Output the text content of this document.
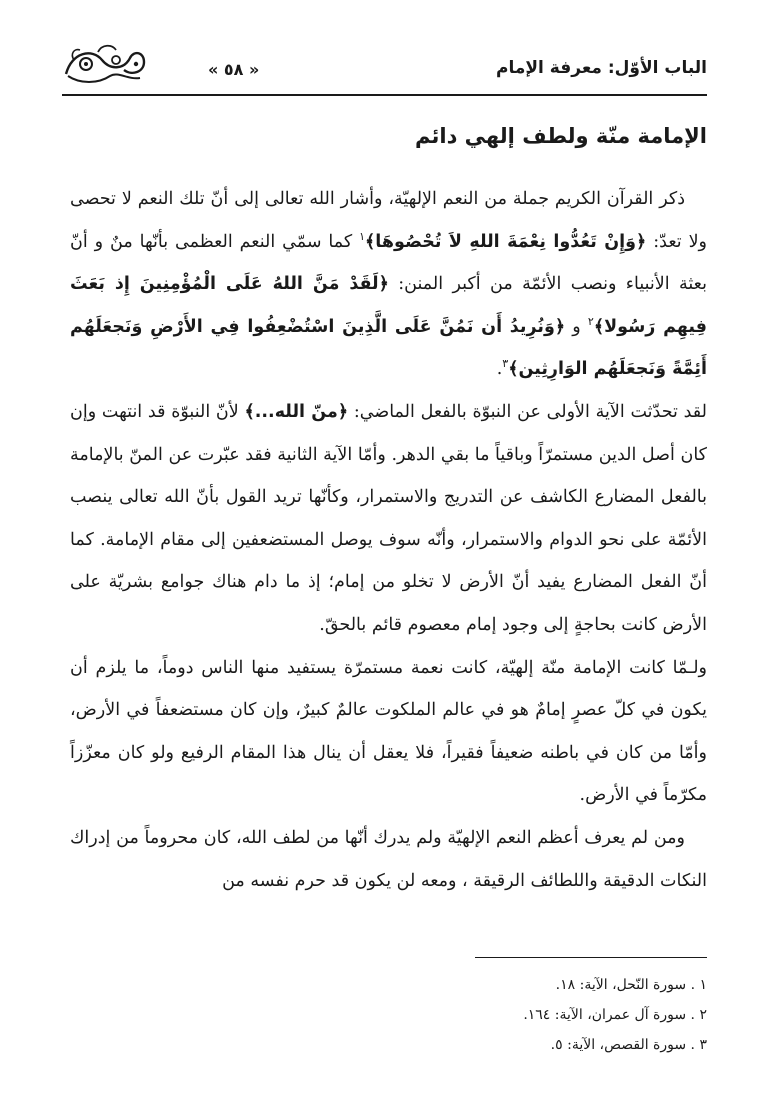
الباب الأوّل: معرفة الإمام
« ٥٨ »
الإمامة منّة ولطف إلهي دائم

ذكر القرآن الكريم جملة من النعم الإلهيّة، وأشار الله تعالى إلى أنّ تلك النعم لا تحصى ولا تعدّ: ﴿وَإِنْ تَعُدُّوا نِعْمَةَ اللهِ لاَ تُحْصُوهَا﴾$^١$ كما سمّي النعم العظمى بأنّها منٌ و أنّ بعثة الأنبياء ونصب الأئمّة من أكبر المنن: ﴿لَقَدْ مَنَّ اللهُ عَلَى الْمُؤْمِنِينَ إِذ بَعَثَ فِيهِم رَسُولا﴾$^٢$ و ﴿وَنُرِيدُ أَن نَمُنَّ عَلَى الَّذِينَ اسْتُضْعِفُوا فِي الأَرْضِ وَنَجعَلَهُم أَئِمَّةً وَنَجعَلَهُم الوَارِثِين﴾$^٣$.

لقد تحدّثت الآية الأولى عن النبوّة بالفعل الماضي: ﴿منّ الله...﴾ لأنّ النبوّة قد انتهت وإن كان أصل الدين مستمرّاً وباقياً ما بقي الدهر. وأمّا الآية الثانية فقد عبّرت عن المنّ بالإمامة بالفعل المضارع الكاشف عن التدريج والاستمرار، وكأنّها تريد القول بأنّ الله تعالى ينصب الأئمّة على نحو الدوام والاستمرار، وأنّه سوف يوصل المستضعفين إلى مقام الإمامة. كما أنّ الفعل المضارع يفيد أنّ الأرض لا تخلو من إمام؛ إذ ما دام هناك جوامع بشريّة على الأرض كانت بحاجةٍ إلى وجود إمام معصوم قائم بالحقّ.

ولـمّا كانت الإمامة منّة إلهيّة، كانت نعمة مستمرّة يستفيد منها الناس دوماً، ما يلزم أن يكون في كلّ عصرٍ إمامٌ هو في عالم الملكوت عالمٌ كبيرٌ، وإن كان مستضعفاً في الأرض، وأمّا من كان في باطنه ضعيفاً فقيراً، فلا يعقل أن ينال هذا المقام الرفيع ولو كان معزّزاً مكرّماً في الأرض.

ومن لم يعرف أعظم النعم الإلهيّة ولم يدرك أنّها من لطف الله، كان محروماً من إدراك النكات الدقيقة واللطائف الرقيقة ، ومعه لن يكون قد حرم نفسه من

١ . سورة النّحل، الآية: ١٨.
٢ . سورة آل عمران، الآية: ١٦٤.
٣ . سورة القصص، الآية: ٥.
